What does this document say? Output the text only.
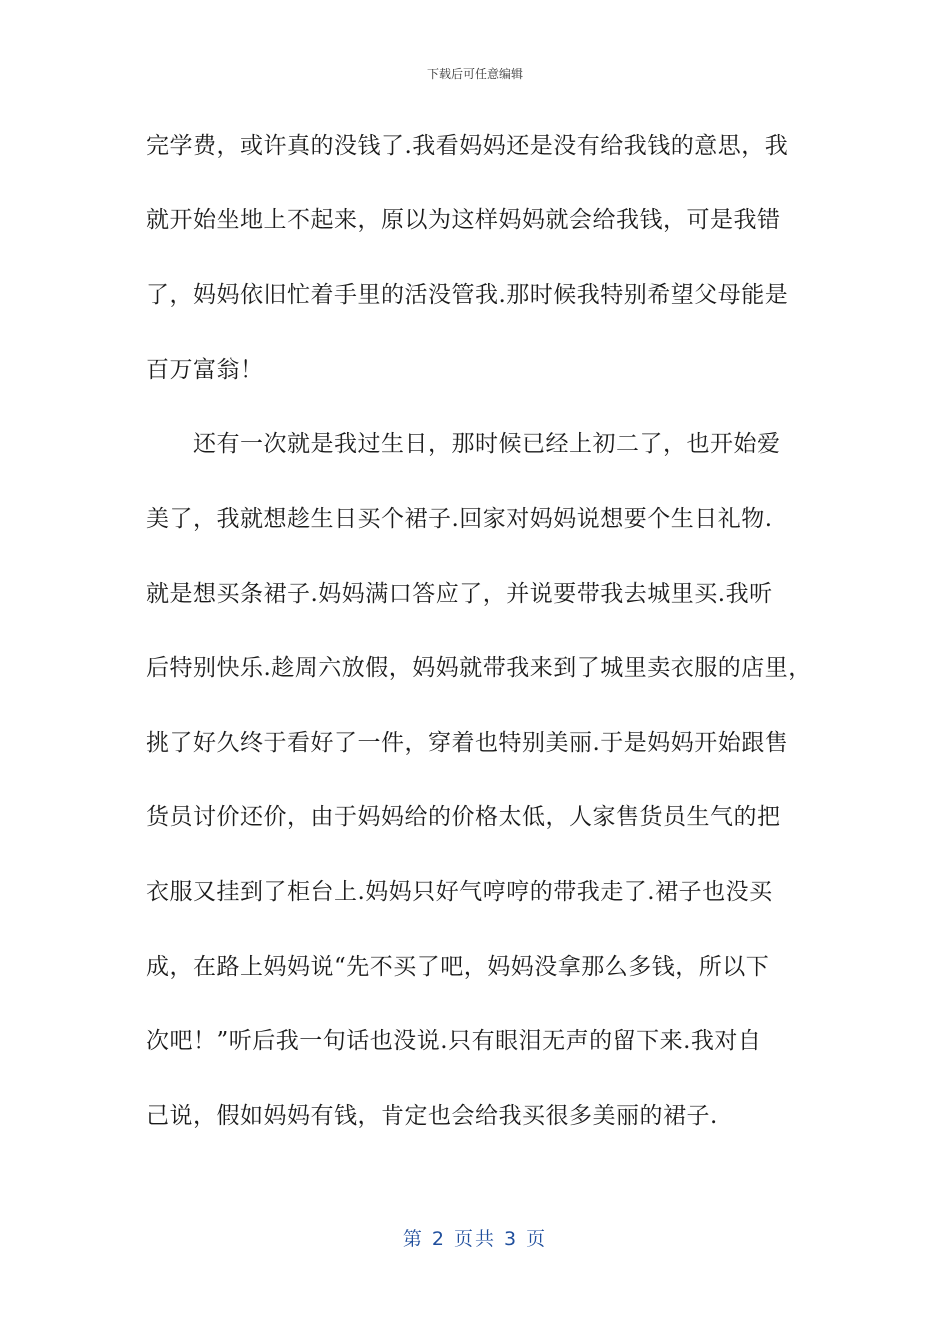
下载后可任意编辑
完学费，或许真的没钱了.我看妈妈还是没有给我钱的意思，我
就开始坐地上不起来，原以为这样妈妈就会给我钱，可是我错
了，妈妈依旧忙着手里的活没管我.那时候我特别希望父母能是
百万富翁！
还有一次就是我过生日，那时候已经上初二了，也开始爱
美了，我就想趁生日买个裙子.回家对妈妈说想要个生日礼物.
就是想买条裙子.妈妈满口答应了，并说要带我去城里买.我听
后特别快乐.趁周六放假，妈妈就带我来到了城里卖衣服的店里，
挑了好久终于看好了一件，穿着也特别美丽.于是妈妈开始跟售
货员讨价还价，由于妈妈给的价格太低，人家售货员生气的把
衣服又挂到了柜台上.妈妈只好气哼哼的带我走了.裙子也没买
成，在路上妈妈说“先不买了吧，妈妈没拿那么多钱，所以下
次吧！”听后我一句话也没说.只有眼泪无声的留下来.我对自
己说，假如妈妈有钱，肯定也会给我买很多美丽的裙子.
第 2 页共 3 页
